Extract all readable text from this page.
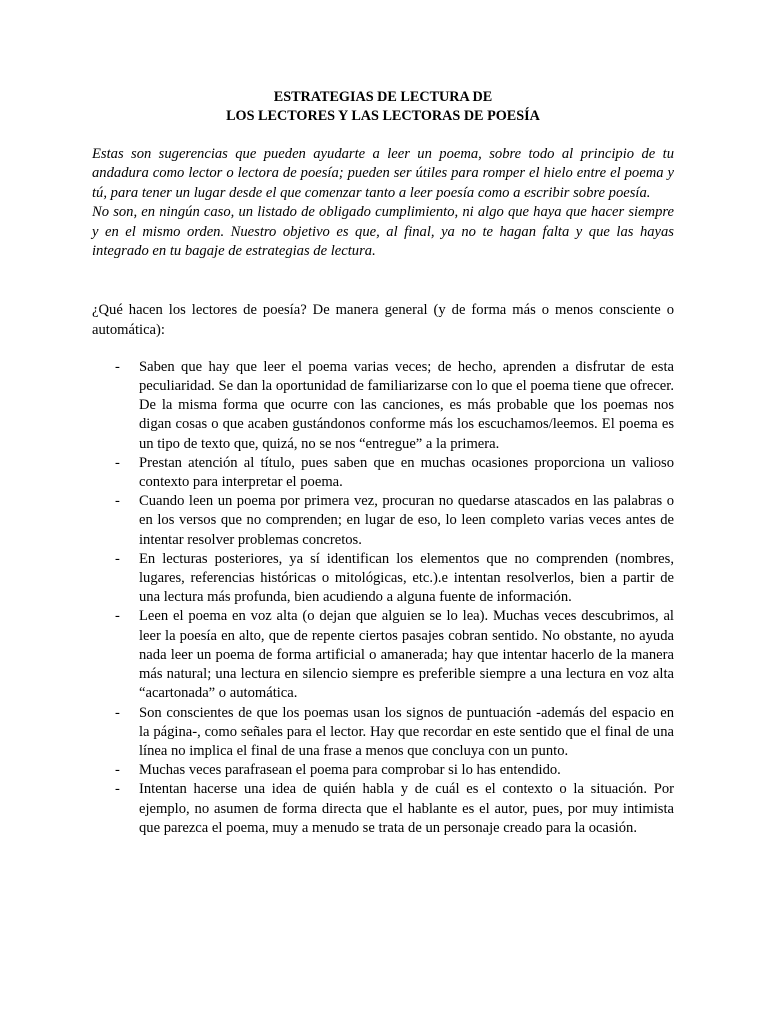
ESTRATEGIAS DE LECTURA DE
LOS LECTORES Y LAS LECTORAS DE POESÍA

Estas son sugerencias que pueden ayudarte a leer un poema, sobre todo al principio de tu andadura como lector o lectora de poesía; pueden ser útiles para romper el hielo entre el poema y tú, para tener un lugar desde el que comenzar tanto a leer poesía como a escribir sobre poesía.

No son, en ningún caso, un listado de obligado cumplimiento, ni algo que haya que hacer siempre y en el mismo orden. Nuestro objetivo es que, al final, ya no te hagan falta y que las hayas integrado en tu bagaje de estrategias de lectura.

¿Qué hacen los lectores de poesía? De manera general (y de forma más o menos consciente o automática):
- Saben que hay que leer el poema varias veces; de hecho, aprenden a disfrutar de esta peculiaridad. Se dan la oportunidad de familiarizarse con lo que el poema tiene que ofrecer. De la misma forma que ocurre con las canciones, es más probable que los poemas nos digan cosas o que acaben gustándonos conforme más los escuchamos/leemos. El poema es un tipo de texto que, quizá, no se nos “entregue” a la primera.
- Prestan atención al título, pues saben que en muchas ocasiones proporciona un valioso contexto para interpretar el poema.
- Cuando leen un poema por primera vez, procuran no quedarse atascados en las palabras o en los versos que no comprenden; en lugar de eso, lo leen completo varias veces antes de intentar resolver problemas concretos.
- En lecturas posteriores, ya sí identifican los elementos que no comprenden (nombres, lugares, referencias históricas o mitológicas, etc.).e intentan resolverlos, bien a partir de una lectura más profunda, bien acudiendo a alguna fuente de información.
- Leen el poema en voz alta (o dejan que alguien se lo lea). Muchas veces descubrimos, al leer la poesía en alto, que de repente ciertos pasajes cobran sentido. No obstante, no ayuda nada leer un poema de forma artificial o amanerada; hay que intentar hacerlo de la manera más natural; una lectura en silencio siempre es preferible siempre a una lectura en voz alta “acartonada” o automática.
- Son conscientes de que los poemas usan los signos de puntuación -además del espacio en la página-, como señales para el lector. Hay que recordar en este sentido que el final de una línea no implica el final de una frase a menos que concluya con un punto.
- Muchas veces parafrasean el poema para comprobar si lo has entendido.
- Intentan hacerse una idea de quién habla y de cuál es el contexto o la situación. Por ejemplo, no asumen de forma directa que el hablante es el autor, pues, por muy intimista que parezca el poema, muy a menudo se trata de un personaje creado para la ocasión.
